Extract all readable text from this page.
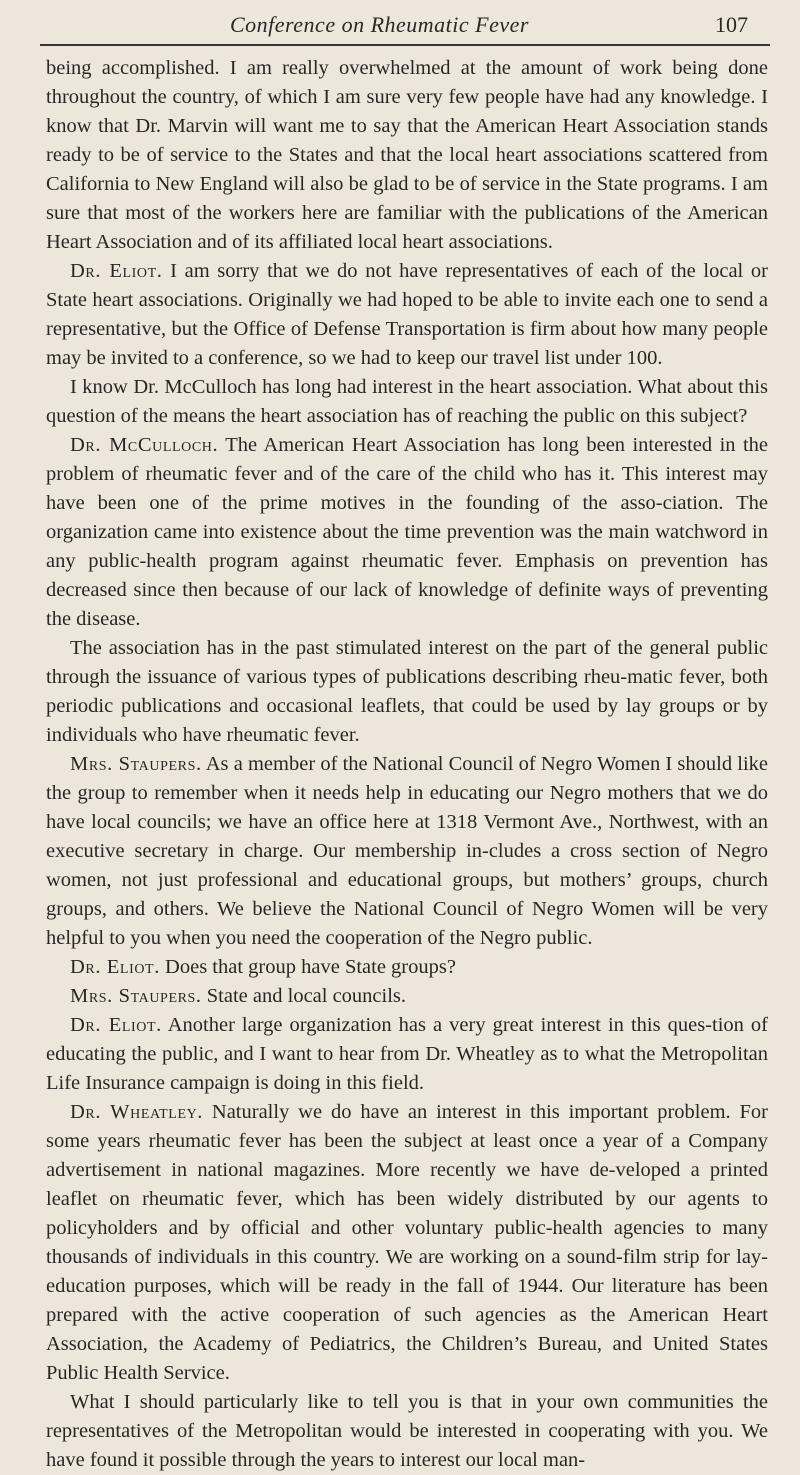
Conference on Rheumatic Fever	107

being accomplished. I am really overwhelmed at the amount of work being done throughout the country, of which I am sure very few people have had any knowledge. I know that Dr. Marvin will want me to say that the American Heart Association stands ready to be of service to the States and that the local heart associations scattered from California to New England will also be glad to be of service in the State programs. I am sure that most of the workers here are familiar with the publications of the American Heart Association and of its affiliated local heart associations.

Dr. Eliot. I am sorry that we do not have representatives of each of the local or State heart associations. Originally we had hoped to be able to invite each one to send a representative, but the Office of Defense Transportation is firm about how many people may be invited to a conference, so we had to keep our travel list under 100.

I know Dr. McCulloch has long had interest in the heart association. What about this question of the means the heart association has of reaching the public on this subject?

Dr. McCulloch. The American Heart Association has long been interested in the problem of rheumatic fever and of the care of the child who has it. This interest may have been one of the prime motives in the founding of the asso-ciation. The organization came into existence about the time prevention was the main watchword in any public-health program against rheumatic fever. Emphasis on prevention has decreased since then because of our lack of knowledge of definite ways of preventing the disease.

The association has in the past stimulated interest on the part of the general public through the issuance of various types of publications describing rheu-matic fever, both periodic publications and occasional leaflets, that could be used by lay groups or by individuals who have rheumatic fever.

Mrs. Staupers. As a member of the National Council of Negro Women I should like the group to remember when it needs help in educating our Negro mothers that we do have local councils; we have an office here at 1318 Vermont Ave., Northwest, with an executive secretary in charge. Our membership in-cludes a cross section of Negro women, not just professional and educational groups, but mothers’ groups, church groups, and others. We believe the National Council of Negro Women will be very helpful to you when you need the cooperation of the Negro public.

Dr. Eliot. Does that group have State groups?

Mrs. Staupers. State and local councils.

Dr. Eliot. Another large organization has a very great interest in this ques-tion of educating the public, and I want to hear from Dr. Wheatley as to what the Metropolitan Life Insurance campaign is doing in this field.

Dr. Wheatley. Naturally we do have an interest in this important problem. For some years rheumatic fever has been the subject at least once a year of a Company advertisement in national magazines. More recently we have de-veloped a printed leaflet on rheumatic fever, which has been widely distributed by our agents to policyholders and by official and other voluntary public-health agencies to many thousands of individuals in this country. We are working on a sound-film strip for lay-education purposes, which will be ready in the fall of 1944. Our literature has been prepared with the active cooperation of such agencies as the American Heart Association, the Academy of Pediatrics, the Children’s Bureau, and United States Public Health Service.

What I should particularly like to tell you is that in your own communities the representatives of the Metropolitan would be interested in cooperating with you. We have found it possible through the years to interest our local man-
